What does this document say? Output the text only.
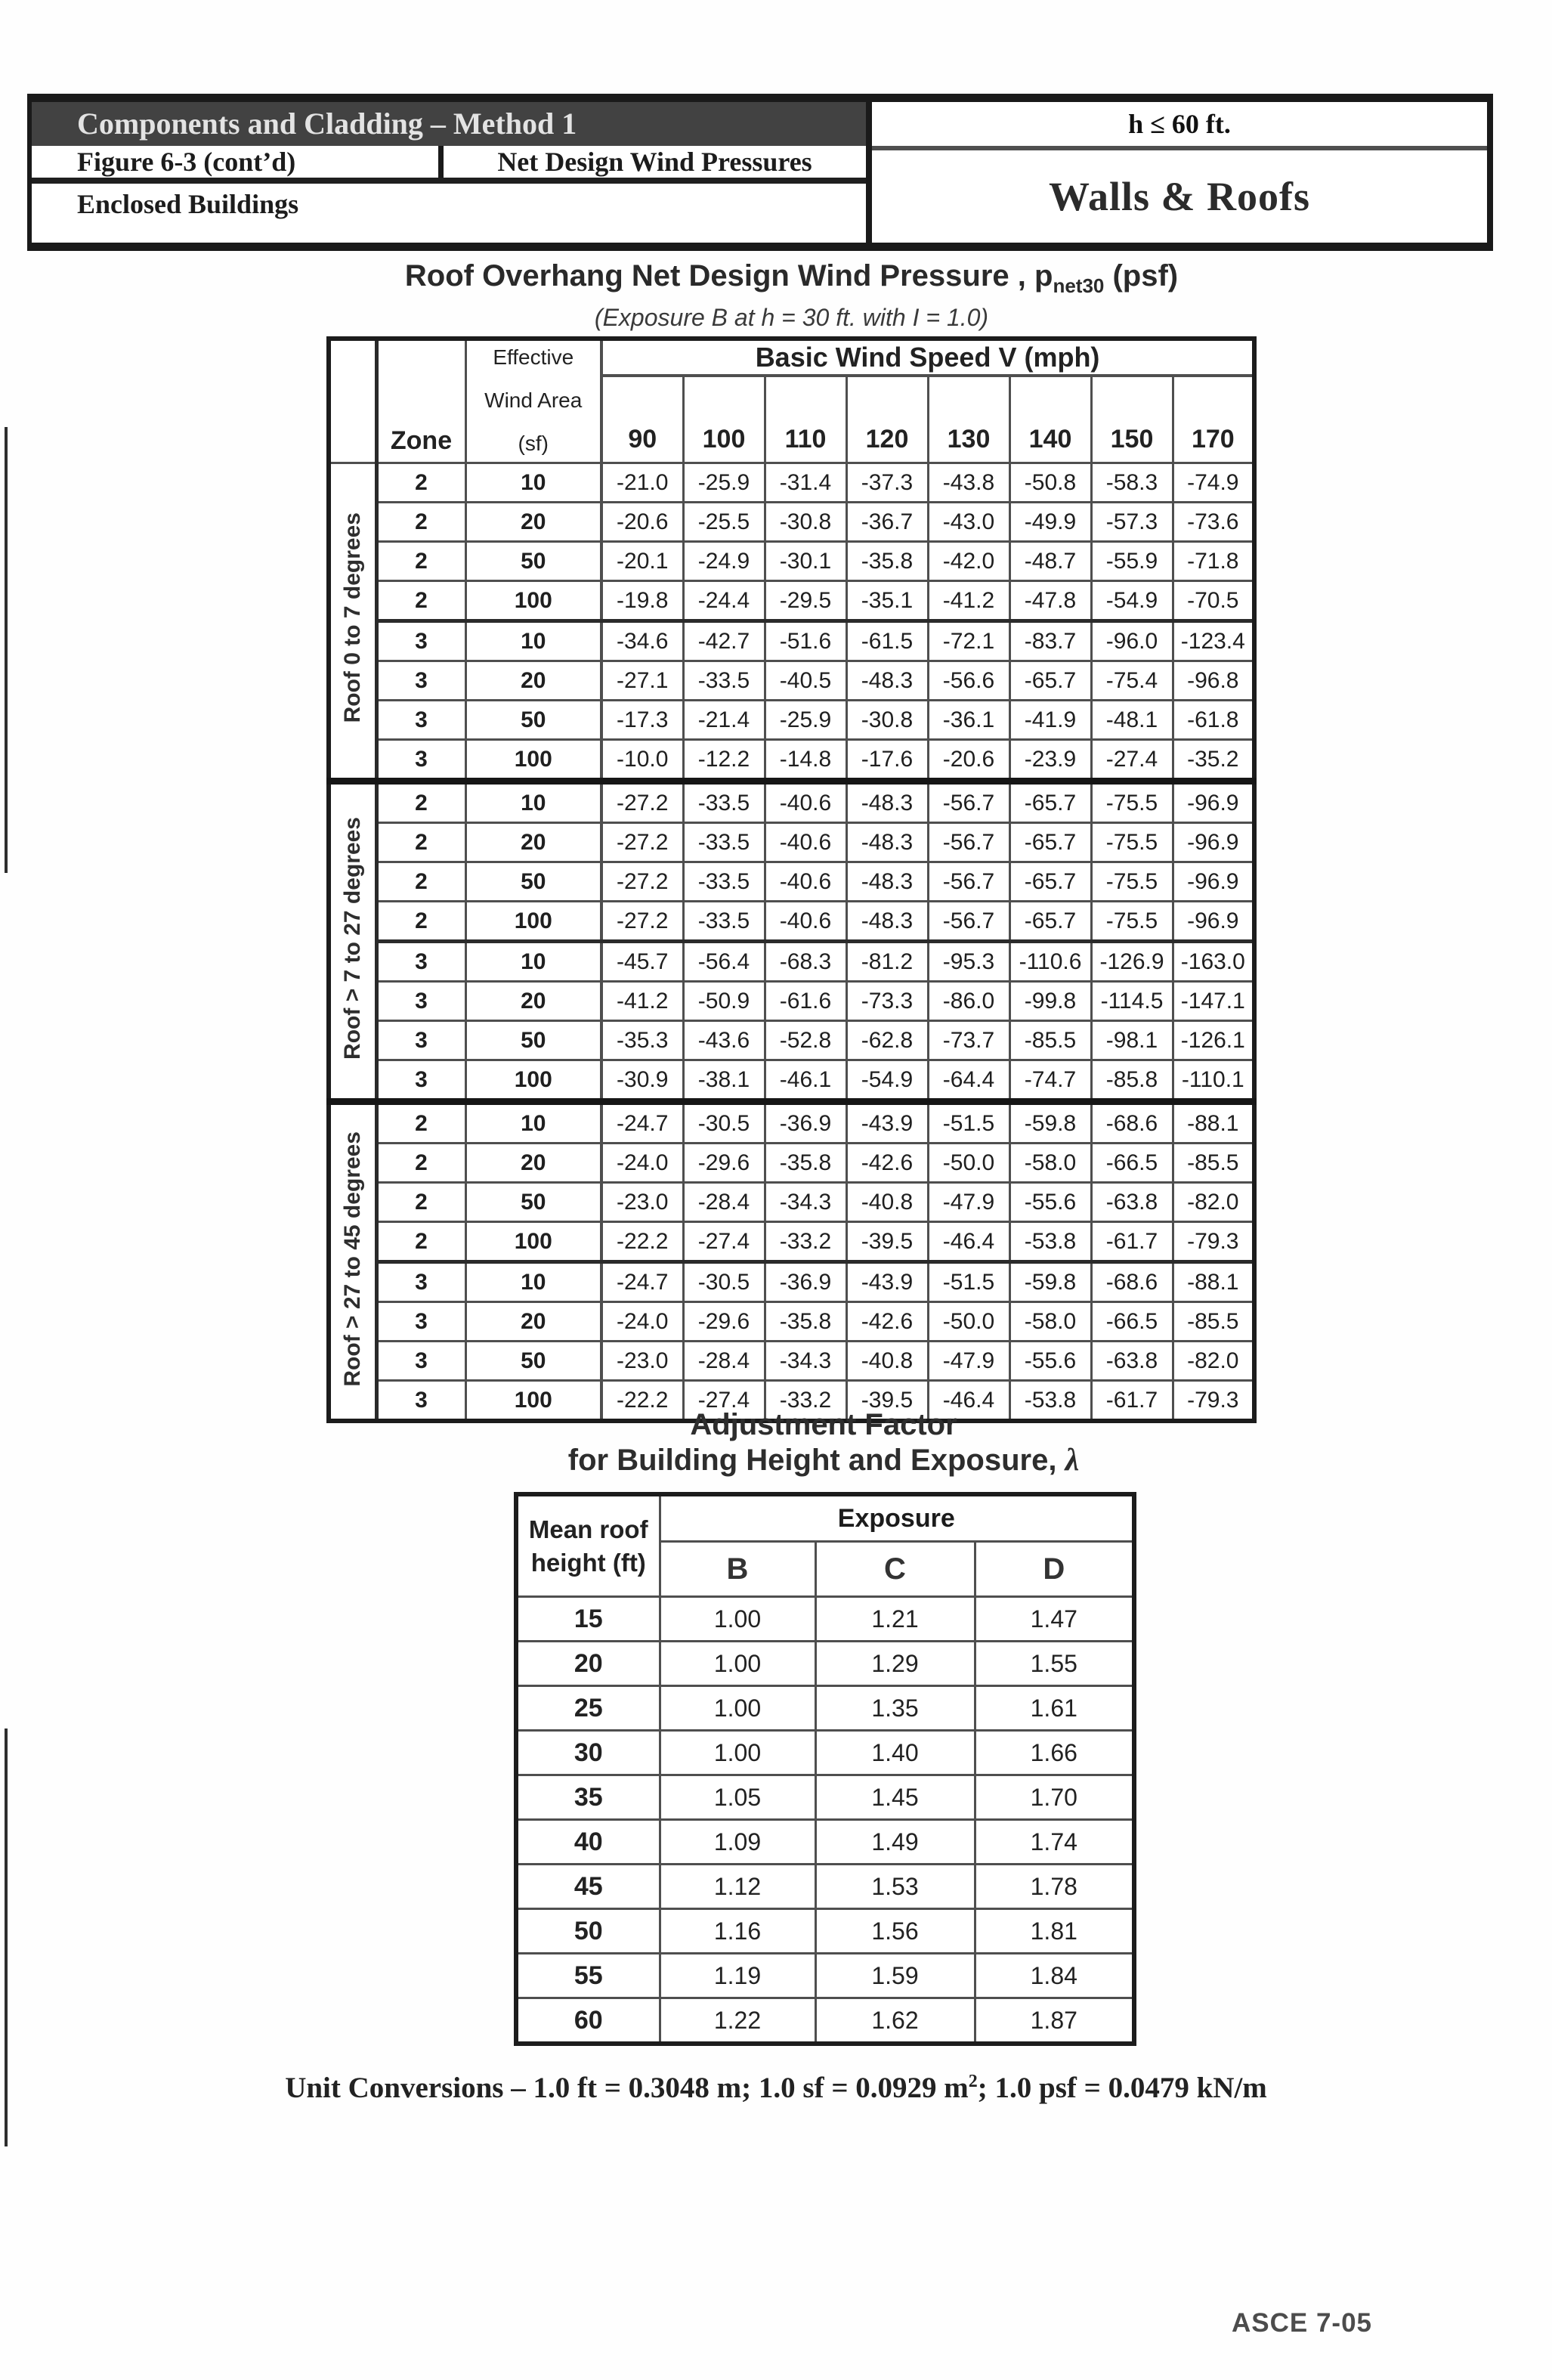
Components and Cladding – Method 1
Figure 6-3 (cont’d)	Net Design Wind Pressures
Enclosed Buildings
h ≤ 60 ft.
Walls & Roofs
Roof Overhang Net Design Wind Pressure , $p_{net30}$ (psf)
(Exposure B at h = 30 ft. with I = 1.0)
	Zone	Effective
Wind Area
(sf)	Basic Wind Speed V (mph)							
			90	100	110	120	130	140	150	170
Roof 0 to 7 degrees	2	10	-21.0	-25.9	-31.4	-37.3	-43.8	-50.8	-58.3	-74.9
	2	20	-20.6	-25.5	-30.8	-36.7	-43.0	-49.9	-57.3	-73.6
	2	50	-20.1	-24.9	-30.1	-35.8	-42.0	-48.7	-55.9	-71.8
	2	100	-19.8	-24.4	-29.5	-35.1	-41.2	-47.8	-54.9	-70.5
	3	10	-34.6	-42.7	-51.6	-61.5	-72.1	-83.7	-96.0	-123.4
	3	20	-27.1	-33.5	-40.5	-48.3	-56.6	-65.7	-75.4	-96.8
	3	50	-17.3	-21.4	-25.9	-30.8	-36.1	-41.9	-48.1	-61.8
	3	100	-10.0	-12.2	-14.8	-17.6	-20.6	-23.9	-27.4	-35.2
Roof > 7 to 27 degrees	2	10	-27.2	-33.5	-40.6	-48.3	-56.7	-65.7	-75.5	-96.9
	2	20	-27.2	-33.5	-40.6	-48.3	-56.7	-65.7	-75.5	-96.9
	2	50	-27.2	-33.5	-40.6	-48.3	-56.7	-65.7	-75.5	-96.9
	2	100	-27.2	-33.5	-40.6	-48.3	-56.7	-65.7	-75.5	-96.9
	3	10	-45.7	-56.4	-68.3	-81.2	-95.3	-110.6	-126.9	-163.0
	3	20	-41.2	-50.9	-61.6	-73.3	-86.0	-99.8	-114.5	-147.1
	3	50	-35.3	-43.6	-52.8	-62.8	-73.7	-85.5	-98.1	-126.1
	3	100	-30.9	-38.1	-46.1	-54.9	-64.4	-74.7	-85.8	-110.1
Roof > 27 to 45 degrees	2	10	-24.7	-30.5	-36.9	-43.9	-51.5	-59.8	-68.6	-88.1
	2	20	-24.0	-29.6	-35.8	-42.6	-50.0	-58.0	-66.5	-85.5
	2	50	-23.0	-28.4	-34.3	-40.8	-47.9	-55.6	-63.8	-82.0
	2	100	-22.2	-27.4	-33.2	-39.5	-46.4	-53.8	-61.7	-79.3
	3	10	-24.7	-30.5	-36.9	-43.9	-51.5	-59.8	-68.6	-88.1
	3	20	-24.0	-29.6	-35.8	-42.6	-50.0	-58.0	-66.5	-85.5
	3	50	-23.0	-28.4	-34.3	-40.8	-47.9	-55.6	-63.8	-82.0
	3	100	-22.2	-27.4	-33.2	-39.5	-46.4	-53.8	-61.7	-79.3
Adjustment Factor
for Building Height and Exposure, λ
Mean roof
height (ft)	Exposure		
	B	C	D
15	1.00	1.21	1.47
20	1.00	1.29	1.55
25	1.00	1.35	1.61
30	1.00	1.40	1.66
35	1.05	1.45	1.70
40	1.09	1.49	1.74
45	1.12	1.53	1.78
50	1.16	1.56	1.81
55	1.19	1.59	1.84
60	1.22	1.62	1.87
Unit Conversions – 1.0 ft = 0.3048 m; 1.0 sf = 0.0929 $m^2$; 1.0 psf = 0.0479 kN/m
ASCE 7-05
